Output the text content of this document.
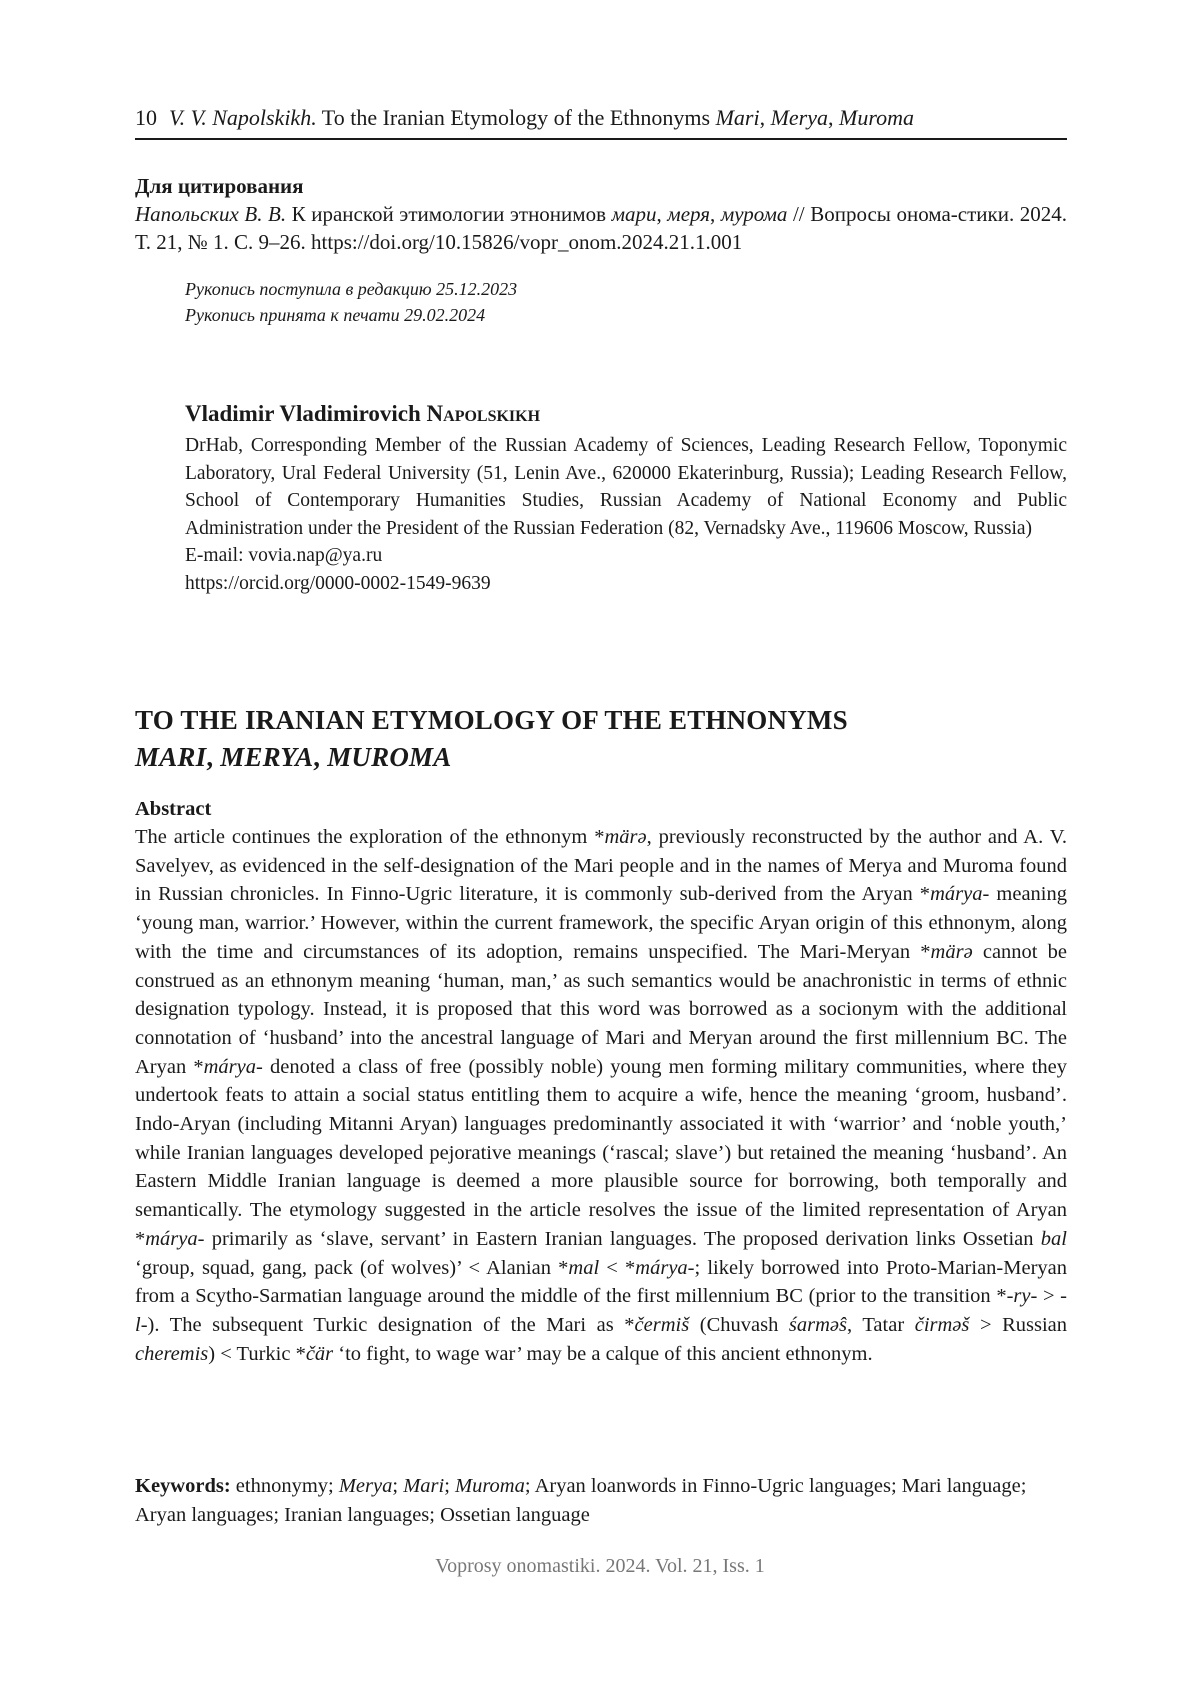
10 V. V. Napolskikh. To the Iranian Etymology of the Ethnonyms Mari, Merya, Muroma
Для цитирования
Напольских В. В. К иранской этимологии этнонимов мари, меря, мурома // Вопросы онома-стики. 2024. Т. 21, № 1. С. 9–26. https://doi.org/10.15826/vopr_onom.2024.21.1.001
Рукопись поступила в редакцию 25.12.2023
Рукопись принята к печати 29.02.2024
Vladimir Vladimirovich Napolskikh
DrHab, Corresponding Member of the Russian Academy of Sciences, Leading Research Fellow, Toponymic Laboratory, Ural Federal University (51, Lenin Ave., 620000 Ekaterinburg, Russia); Leading Research Fellow, School of Contemporary Humanities Studies, Russian Academy of National Economy and Public Administration under the President of the Russian Federation (82, Vernadsky Ave., 119606 Moscow, Russia)
E-mail: vovia.nap@ya.ru
https://orcid.org/0000-0002-1549-9639
TO THE IRANIAN ETYMOLOGY OF THE ETHNONYMS
MARI, MERYA, MUROMA
Abstract
The article continues the exploration of the ethnonym *märə, previously reconstructed by the author and A. V. Savelyev, as evidenced in the self-designation of the Mari people and in the names of Merya and Muroma found in Russian chronicles. In Finno-Ugric literature, it is commonly sub-derived from the Aryan *márya- meaning ‘young man, warrior.’ However, within the current framework, the specific Aryan origin of this ethnonym, along with the time and circumstances of its adoption, remains unspecified. The Mari-Meryan *märə cannot be construed as an ethnonym meaning ‘human, man,’ as such semantics would be anachronistic in terms of ethnic designation typology. Instead, it is proposed that this word was borrowed as a socionym with the additional connotation of ‘husband’ into the ancestral language of Mari and Meryan around the first millennium BC. The Aryan *márya- denoted a class of free (possibly noble) young men forming military communities, where they undertook feats to attain a social status entitling them to acquire a wife, hence the meaning ‘groom, husband’. Indo-Aryan (including Mitanni Aryan) languages predominantly associated it with ‘warrior’ and ‘noble youth,’ while Iranian languages developed pejorative meanings (‘rascal; slave’) but retained the meaning ‘husband’. An Eastern Middle Iranian language is deemed a more plausible source for borrowing, both temporally and semantically. The etymology suggested in the article resolves the issue of the limited representation of Aryan *márya- primarily as ‘slave, servant’ in Eastern Iranian languages. The proposed derivation links Ossetian bal ‘group, squad, gang, pack (of wolves)’ < Alanian *mal < *márya-; likely borrowed into Proto-Marian-Meryan from a Scytho-Sarmatian language around the middle of the first millennium BC (prior to the transition *-ry- > -l-). The subsequent Turkic designation of the Mari as *čermiš (Chuvash śarmə̂s, Tatar čirməš > Russian cheremis) < Turkic *čär ‘to fight, to wage war’ may be a calque of this ancient ethnonym.
Keywords: ethnonymy; Merya; Mari; Muroma; Aryan loanwords in Finno-Ugric languages; Mari language; Aryan languages; Iranian languages; Ossetian language
Voprosy onomastiki. 2024. Vol. 21, Iss. 1
